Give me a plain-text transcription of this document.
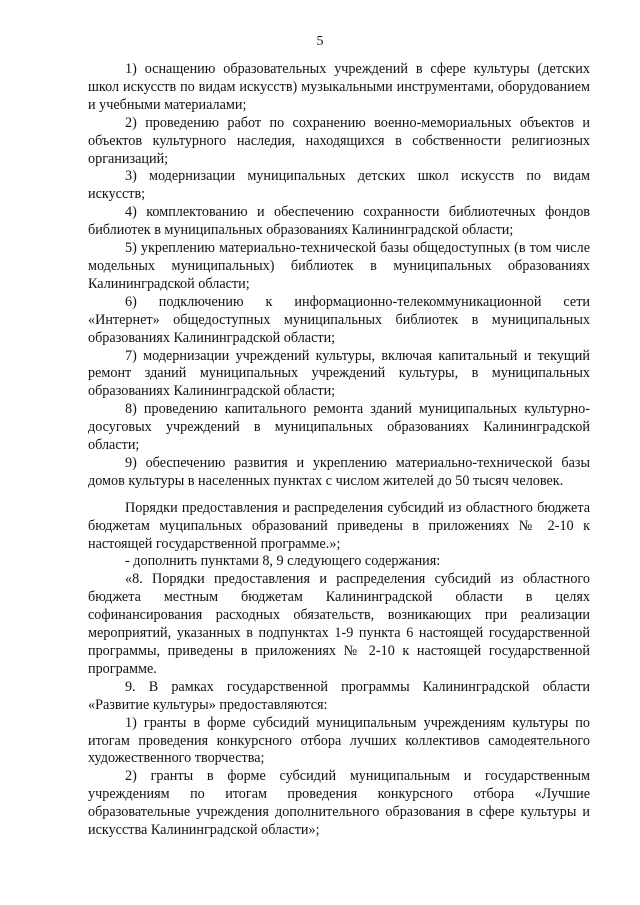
5

1) оснащению образовательных учреждений в сфере культуры (детских школ искусств по видам искусств) музыкальными инструментами, оборудованием и учебными материалами;

2) проведению работ по сохранению военно-мемориальных объектов и объектов культурного наследия, находящихся в собственности религиозных организаций;

3) модернизации муниципальных детских школ искусств по видам искусств;

4) комплектованию и обеспечению сохранности библиотечных фондов библиотек в муниципальных образованиях Калининградской области;

5) укреплению материально-технической базы общедоступных (в том числе модельных муниципальных) библиотек в муниципальных образованиях Калининградской области;

6) подключению к информационно-телекоммуникационной сети «Интернет» общедоступных муниципальных библиотек в муниципальных образованиях Калининградской области;

7) модернизации учреждений культуры, включая капитальный и текущий ремонт зданий муниципальных учреждений культуры, в муниципальных образованиях Калининградской области;

8) проведению капитального ремонта зданий муниципальных культурно-досуговых учреждений в муниципальных образованиях Калининградской области;

9) обеспечению развития и укреплению материально-технической базы домов культуры в населенных пунктах с числом жителей до 50 тысяч человек.

Порядки предоставления и распределения субсидий из областного бюджета бюджетам муципальных образований приведены в приложениях № 2-10 к настоящей государственной программе.»;

- дополнить пунктами 8, 9 следующего содержания:

«8. Порядки предоставления и распределения субсидий из областного бюджета местным бюджетам Калининградской области в целях софинансирования расходных обязательств, возникающих при реализации мероприятий, указанных в подпунктах 1-9 пункта 6 настоящей государственной программы, приведены в приложениях № 2-10 к настоящей государственной программе.

9. В рамках государственной программы Калининградской области «Развитие культуры» предоставляются:

1) гранты в форме субсидий муниципальным учреждениям культуры по итогам проведения конкурсного отбора лучших коллективов самодеятельного художественного творчества;

2) гранты в форме субсидий муниципальным и государственным учреждениям по итогам проведения конкурсного отбора «Лучшие образовательные учреждения дополнительного образования в сфере культуры и искусства Калининградской области»;
